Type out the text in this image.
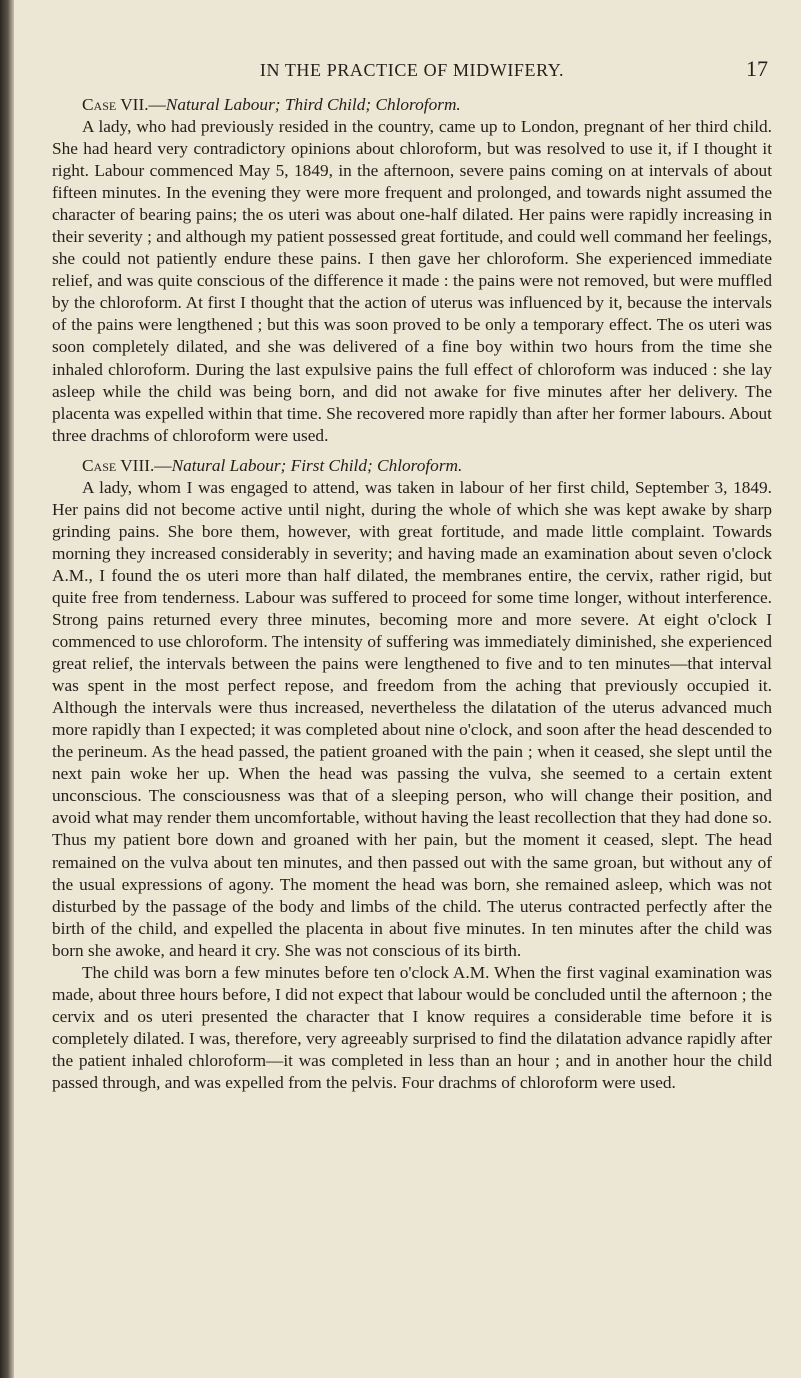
IN THE PRACTICE OF MIDWIFERY.	17
Case VII.—Natural Labour; Third Child; Chloroform.

A lady, who had previously resided in the country, came up to London, pregnant of her third child. She had heard very contradictory opinions about chloroform, but was resolved to use it, if I thought it right. Labour commenced May 5, 1849, in the afternoon, severe pains coming on at intervals of about fifteen minutes. In the evening they were more frequent and prolonged, and towards night assumed the character of bearing pains; the os uteri was about one-half dilated. Her pains were rapidly increasing in their severity ; and although my patient possessed great fortitude, and could well command her feelings, she could not patiently endure these pains. I then gave her chloroform. She experienced immediate relief, and was quite conscious of the difference it made : the pains were not removed, but were muffled by the chloroform. At first I thought that the action of uterus was influenced by it, because the intervals of the pains were lengthened ; but this was soon proved to be only a temporary effect. The os uteri was soon completely dilated, and she was delivered of a fine boy within two hours from the time she inhaled chloroform. During the last expulsive pains the full effect of chloroform was induced : she lay asleep while the child was being born, and did not awake for five minutes after her delivery. The placenta was expelled within that time. She recovered more rapidly than after her former labours. About three drachms of chloroform were used.

Case VIII.—Natural Labour; First Child; Chloroform.

A lady, whom I was engaged to attend, was taken in labour of her first child, September 3, 1849. Her pains did not become active until night, during the whole of which she was kept awake by sharp grinding pains. She bore them, however, with great fortitude, and made little complaint. Towards morning they increased considerably in severity; and having made an examination about seven o'clock A.M., I found the os uteri more than half dilated, the membranes entire, the cervix, rather rigid, but quite free from tenderness. Labour was suffered to proceed for some time longer, without interference. Strong pains returned every three minutes, becoming more and more severe. At eight o'clock I commenced to use chloroform. The intensity of suffering was immediately diminished, she experienced great relief, the intervals between the pains were lengthened to five and to ten minutes—that interval was spent in the most perfect repose, and freedom from the aching that previously occupied it. Although the intervals were thus increased, nevertheless the dilatation of the uterus advanced much more rapidly than I expected; it was completed about nine o'clock, and soon after the head descended to the perineum. As the head passed, the patient groaned with the pain ; when it ceased, she slept until the next pain woke her up. When the head was passing the vulva, she seemed to a certain extent unconscious. The consciousness was that of a sleeping person, who will change their position, and avoid what may render them uncomfortable, without having the least recollection that they had done so. Thus my patient bore down and groaned with her pain, but the moment it ceased, slept. The head remained on the vulva about ten minutes, and then passed out with the same groan, but without any of the usual expressions of agony. The moment the head was born, she remained asleep, which was not disturbed by the passage of the body and limbs of the child. The uterus contracted perfectly after the birth of the child, and expelled the placenta in about five minutes. In ten minutes after the child was born she awoke, and heard it cry. She was not conscious of its birth.

The child was born a few minutes before ten o'clock A.M. When the first vaginal examination was made, about three hours before, I did not expect that labour would be concluded until the afternoon ; the cervix and os uteri presented the character that I know requires a considerable time before it is completely dilated. I was, therefore, very agreeably surprised to find the dilatation advance rapidly after the patient inhaled chloroform—it was completed in less than an hour ; and in another hour the child passed through, and was expelled from the pelvis. Four drachms of chloroform were used.
